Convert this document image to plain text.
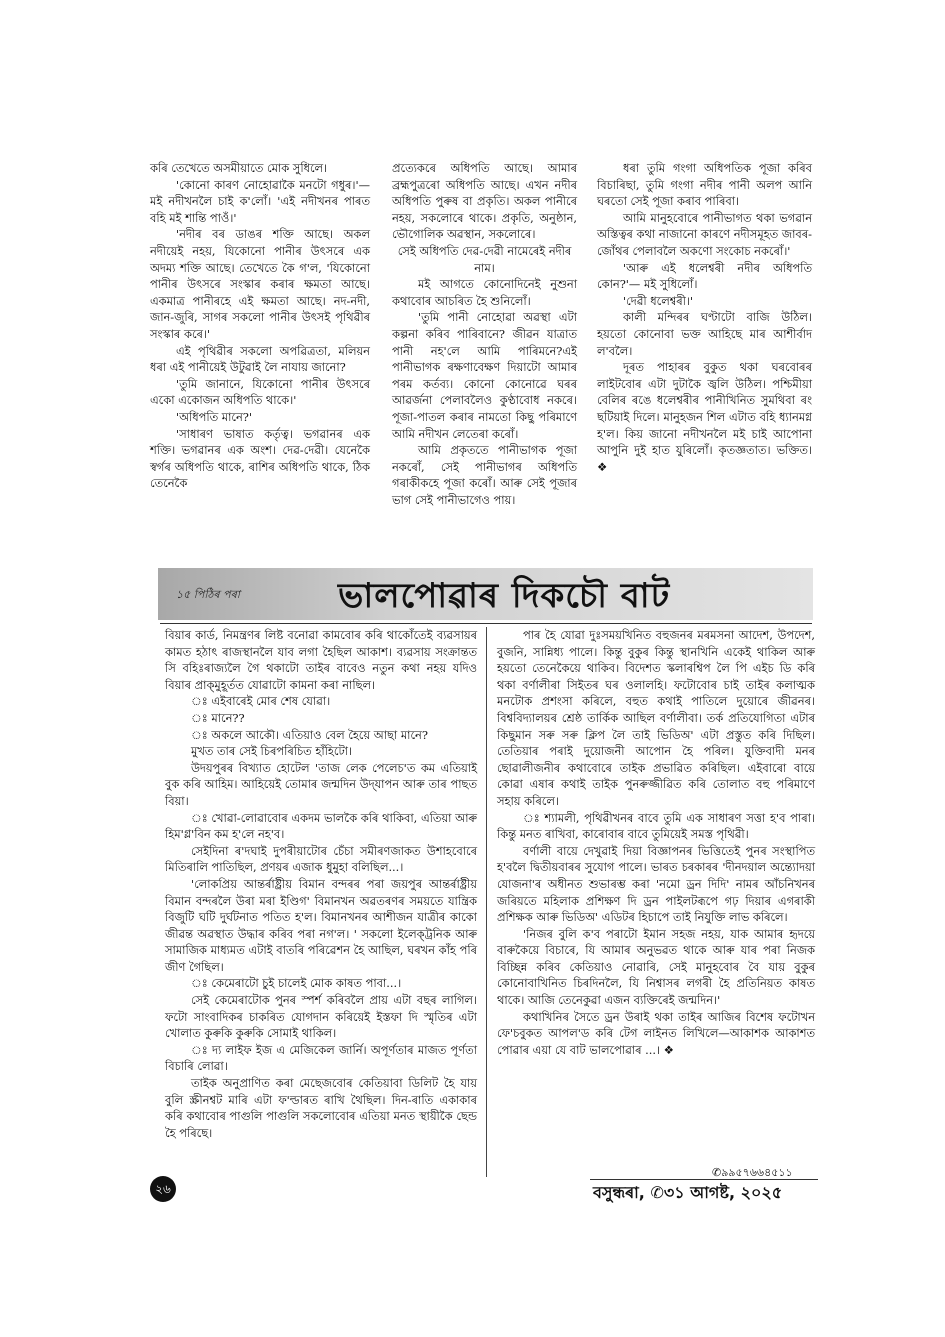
কৰি তেখেতে অসমীয়াতে মোক সুধিলে।

'কোনো কাৰণ নোহোৱাকৈ মনটো গধুৰ।'—মই নদীখনলৈ চাই ক'লোঁ। 'এই নদীখনৰ পাৰত বহি মই শান্তি পাওঁ।'

'নদীৰ বৰ ডাঙৰ শক্তি আছে। অকল নদীয়েই নহয়, যিকোনো পানীৰ উৎসৰে এক অদম্য শক্তি আছে। তেখেতে কৈ গ'ল, 'যিকোনো পানীৰ উৎসৰে সংস্কাৰ কৰাৰ ক্ষমতা আছে। একমাত্ৰ পানীৰহে এই ক্ষমতা আছে। নদ-নদী, জান-জুৰি, সাগৰ সকলো পানীৰ উৎসই পৃথিৱীৰ সংস্কাৰ কৰে।'

এই পৃথিৱীৰ সকলো অপৱিত্ৰতা, মলিয়ন ধৰা এই পানীয়েই উটুৱাই লৈ নাযায় জানো?

'তুমি জানানে, যিকোনো পানীৰ উৎসৰে একো একোজন অধিপতি থাকে।'

'অধিপতি মানে?'

'সাধাৰণ ভাষাত কৰ্তৃত্ব। ভগৱানৰ এক শক্তি। ভগৱানৰ এক অংশ। দেৱ-দেৱী। যেনেকৈ স্বৰ্গৰ অধিপতি থাকে, ৰাশিৰ অধিপতি থাকে, ঠিক তেনেকৈ

প্ৰত্যেকৰে অধিপতি আছে। আমাৰ ব্ৰহ্মপুত্ৰৰো অধিপতি আছে। এখন নদীৰ অধিপতি পুৰুষ বা প্ৰকৃতি। অকল পানীৰে নহয়, সকলোৰে থাকে। প্ৰকৃতি, অনুষ্ঠান, ভৌগোলিক অৱস্থান, সকলোৰে।

সেই অধিপতি দেৱ-দেৱী নামেৰেই নদীৰ নাম।

মই আগতে কোনোদিনেই নুশুনা কথাবোৰ আচৰিত হৈ শুনিলোঁ।

'তুমি পানী নোহোৱা অৱস্থা এটা কল্পনা কৰিব পাৰিবানে? জীৱন যাত্ৰাত পানী নহ'লে আমি পাৰিমনে?এই পানীভাগক ৰক্ষণাবেক্ষণ দিয়াটো আমাৰ পৰম কৰ্তব্য। কোনো কোনোৱে ঘৰৰ আৱৰ্জনা পেলাবলৈও কুণ্ঠাবোধ নকৰে। পূজা-পাতল কৰাৰ নামতো কিছু পৰিমাণে আমি নদীখন লেতেৰা কৰোঁ।

আমি প্ৰকৃততে পানীভাগক পূজা নকৰোঁ, সেই পানীভাগৰ অধিপতি গৰাকীকহে পূজা কৰোঁ। আৰু সেই পূজাৰ ভাগ সেই পানীভাগেও পায়।

ধৰা তুমি গংগা অধিপতিক পূজা কৰিব বিচাৰিছা, তুমি গংগা নদীৰ পানী অলপ আনি ঘৰতো সেই পূজা কৰাব পাৰিবা।

আমি মানুহবোৰে পানীভাগত থকা ভগৱান অস্তিত্বৰ কথা নাজানো কাৰণে নদীসমূহত জাবৰ-জোঁথৰ পেলাবলৈ অকণো সংকোচ নকৰোঁ।'

'আৰু এই ধলেশ্বৰী নদীৰ অধিপতি কোন?'— মই সুধিলোঁ।

'দেৱী ধলেশ্বৰী।'

কালী মন্দিৰৰ ঘণ্টাটো বাজি উঠিল। হয়তো কোনোবা ভক্ত আহিছে মাৰ আশীৰ্বাদ ল'বলৈ।

দূৰত পাহাৰৰ বুকুত থকা ঘৰবোৰৰ লাইটবোৰ এটা দুটাকৈ জ্বলি উঠিল। পশ্চিমীয়া বেলিৰ ৰঙে ধলেশ্বৰীৰ পানীখিনিত সুমথিবা ৰং ছটিয়াই দিলে। মানুহজন শিল এটাত বহি ধ্যানমগ্ন হ'ল। কিয় জানো নদীখনলৈ মই চাই আপোনা আপুনি দুই হাত যুৰিলোঁ। কৃতজ্ঞতাত। ভক্তিত। ❖

১৫ পিঠিৰ পৰা	ভালপোৱাৰ দিকচৌ বাট

বিয়াৰ কাৰ্ড, নিমন্ত্ৰণৰ লিষ্ট বনোৱা কামবোৰ কৰি থাকোঁতেই ব্যৱসায়ৰ কামত হঠাৎ ৰাজস্থানলৈ যাব লগা হৈছিল আকাশ। ব্যৱসায় সংক্ৰান্তত সি বহিঃৰাজ্যলৈ গৈ থকাটো তাইৰ বাবেও নতুন কথা নহয় যদিও বিয়াৰ প্ৰাক্‌মুহূৰ্তত যোৱাটো কামনা কৰা নাছিল।

ঃ এইবাৰেই মোৰ শেষ যোৱা।

ঃ মানে??

ঃ অকলে আকৌ। এতিয়াও বেল হৈয়ে আছা মানে?

মুখত তাৰ সেই চিৰপৰিচিত হাঁহিটো।

উদয়পুৰৰ বিখ্যাত হোটেল 'তাজ লেক পেলেচ'ত কম এতিয়াই বুক কৰি আহিম। আহিয়েই তোমাৰ জন্মদিন উদ্‌যাপন আৰু তাৰ পাছত বিয়া।

ঃ খোৱা-লোৱাবোৰ একদম ভালকৈ কৰি থাকিবা, এতিয়া আৰু হিম'গ্ল'বিন কম হ'লে নহ'ব।

সেইদিনা ৰ'দঘাই দুপৰীয়াটোৰ চেঁচা সমীৰণজাকত উশাহবোৰে মিতিৰালি পাতিছিল, প্ৰণয়ৰ এজাক ধুমুহা বলিছিল...।

'লোকপ্ৰিয় আন্তৰ্ৰাষ্ট্ৰীয় বিমান বন্দৰৰ পৰা জয়পুৰ আন্তৰ্ৰাষ্ট্ৰীয় বিমান বন্দৰলৈ উৰা মৰা ইণ্ডিগ' বিমানখন অৱতৰণৰ সময়তে যান্ত্ৰিক বিজুটি ঘটি দুৰ্ঘটনাত পতিত হ'ল। বিমানখনৰ আশীজন যাত্ৰীৰ কাকো জীৱন্ত অৱস্থাত উদ্ধাৰ কৰিব পৰা নগ'ল। ' সকলো ইলেক্‌ট্ৰনিক আৰু সামাজিক মাধ্যমত এটাই বাতৰি পৰিৱেশন হৈ আছিল, ঘৰখন কাঁহ পৰি জীণ গৈছিল।

ঃ কেমেৰাটো চুই চালেই মোক কাষত পাবা...।

সেই কেমেৰাটোক পুনৰ স্পৰ্শ কৰিবলৈ প্ৰায় এটা বছৰ লাগিল। ফটো সাংবাদিকৰ চাকৰিত যোগদান কৰিয়েই ইস্তফা দি স্মৃতিৰ এটা খোলাত কুৰুকি কুৰুকি সোমাই থাকিল।

ঃ দ্য লাইফ ইজ এ মেজিকেল জাৰ্নি। অপূৰ্ণতাৰ মাজত পূৰ্ণতা বিচাৰি লোৱা।

তাইক অনুপ্ৰাণিত কৰা মেছেজবোৰ কেতিয়াবা ডিলিট হৈ যায় বুলি স্ক্ৰীনশ্বট মাৰি এটা ফ'ল্ডাৰত ৰাখি থৈছিল। দিন-ৰাতি একাকাৰ কৰি কথাবোৰ পাগুলি পাগুলি সকলোবোৰ এতিয়া মনত স্থায়ীকৈ ছেন্ড হৈ পৰিছে।

পাৰ হৈ যোৱা দুঃসময়খিনিত বহুজনৰ মৰমসনা আদেশ, উপদেশ, বুজনি, সান্নিধ্য পালে। কিন্তু বুকুৰ কিন্তু স্থানখিনি একেই থাকিল আৰু হয়তো তেনেকৈয়ে থাকিব। বিদেশত স্কলাৰশ্বিপ লৈ পি এইচ ডি কৰি থকা বৰ্ণালীৰা সিইতৰ ঘৰ ওলালহি। ফটোবোৰ চাই তাইৰ কলাত্মক মনটোক প্ৰশংসা কৰিলে, বহুত কথাই পাতিলে দুয়োৰে জীৱনৰ। বিশ্ববিদ্যালয়ৰ শ্ৰেষ্ঠ তাৰ্কিক আছিল বৰ্ণালীবা। তৰ্ক প্ৰতিযোগিতা এটাৰ কিছুমান সৰু সৰু ক্লিপ লৈ তাই ভিডিঅ' এটা প্ৰস্তুত কৰি দিছিল। তেতিয়াৰ পৰাই দুয়োজনী আপোন হৈ পৰিল। যুক্তিবাদী মনৰ ছোৱালীজনীৰ কথাবোৰে তাইক প্ৰভাৱিত কৰিছিল। এইবাৰো বায়ে কোৱা এষাৰ কথাই তাইক পুনৰুজ্জীৱিত কৰি তোলাত বহু পৰিমাণে সহায় কৰিলে।

ঃ শ্যামলী, পৃথিৱীখনৰ বাবে তুমি এক সাধাৰণ সত্তা হ'ব পাৰা। কিন্তু মনত ৰাখিবা, কাৰোবাৰ বাবে তুমিয়েই সমস্ত পৃথিৱী।

বৰ্ণালী বায়ে দেখুৱাই দিয়া বিজ্ঞাপনৰ ভিত্তিতেই পুনৰ সংস্থাপিত হ'বলৈ দ্বিতীয়বাৰৰ সুযোগ পালে। ভাৰত চৰকাৰৰ 'দীনদয়াল অন্ত্যোদয়া যোজনা'ৰ অধীনত শুভাৰম্ভ কৰা 'নমো ড্ৰন দিদি' নামৰ আঁচনিখনৰ জৰিয়তে মহিলাক প্ৰশিক্ষণ দি ড্ৰন পাইলটৰূপে গঢ় দিয়াৰ এগৰাকী প্ৰশিক্ষক আৰু ভিডিঅ' এডিটৰ হিচাপে তাই নিযুক্তি লাভ কৰিলে।

'নিজৰ বুলি ক'ব পৰাটো ইমান সহজ নহয়, যাক আমাৰ হৃদয়ে বাৰুকৈয়ে বিচাৰে, যি আমাৰ অনুভৱত থাকে আৰু যাৰ পৰা নিজক বিচ্ছিন্ন কৰিব কেতিয়াও নোৱাৰি, সেই মানুহবোৰ বৈ যায় বুকুৰ কোনোবাখিনিত চিৰদিনলৈ, যি নিশ্বাসৰ লগৰী হৈ প্ৰতিনিয়ত কাষত থাকে। আজি তেনেকুৱা এজন ব্যক্তিৰেই জন্মদিন।'

কথাখিনিৰ সৈতে ড্ৰন উৰাই থকা তাইৰ আজিৰ বিশেষ ফটোখন ফে'চবুকত আপল'ড কৰি টেগ লাইনত লিখিলে—আকাশক আকাশত পোৱাৰ এয়া যে বাট ভালপোৱাৰ ...। ❖

✆৯৯৫৭৬৬৪৫১১
২৬	বসুন্ধৰা, ✆৩১ আগষ্ট, ২০২৫
